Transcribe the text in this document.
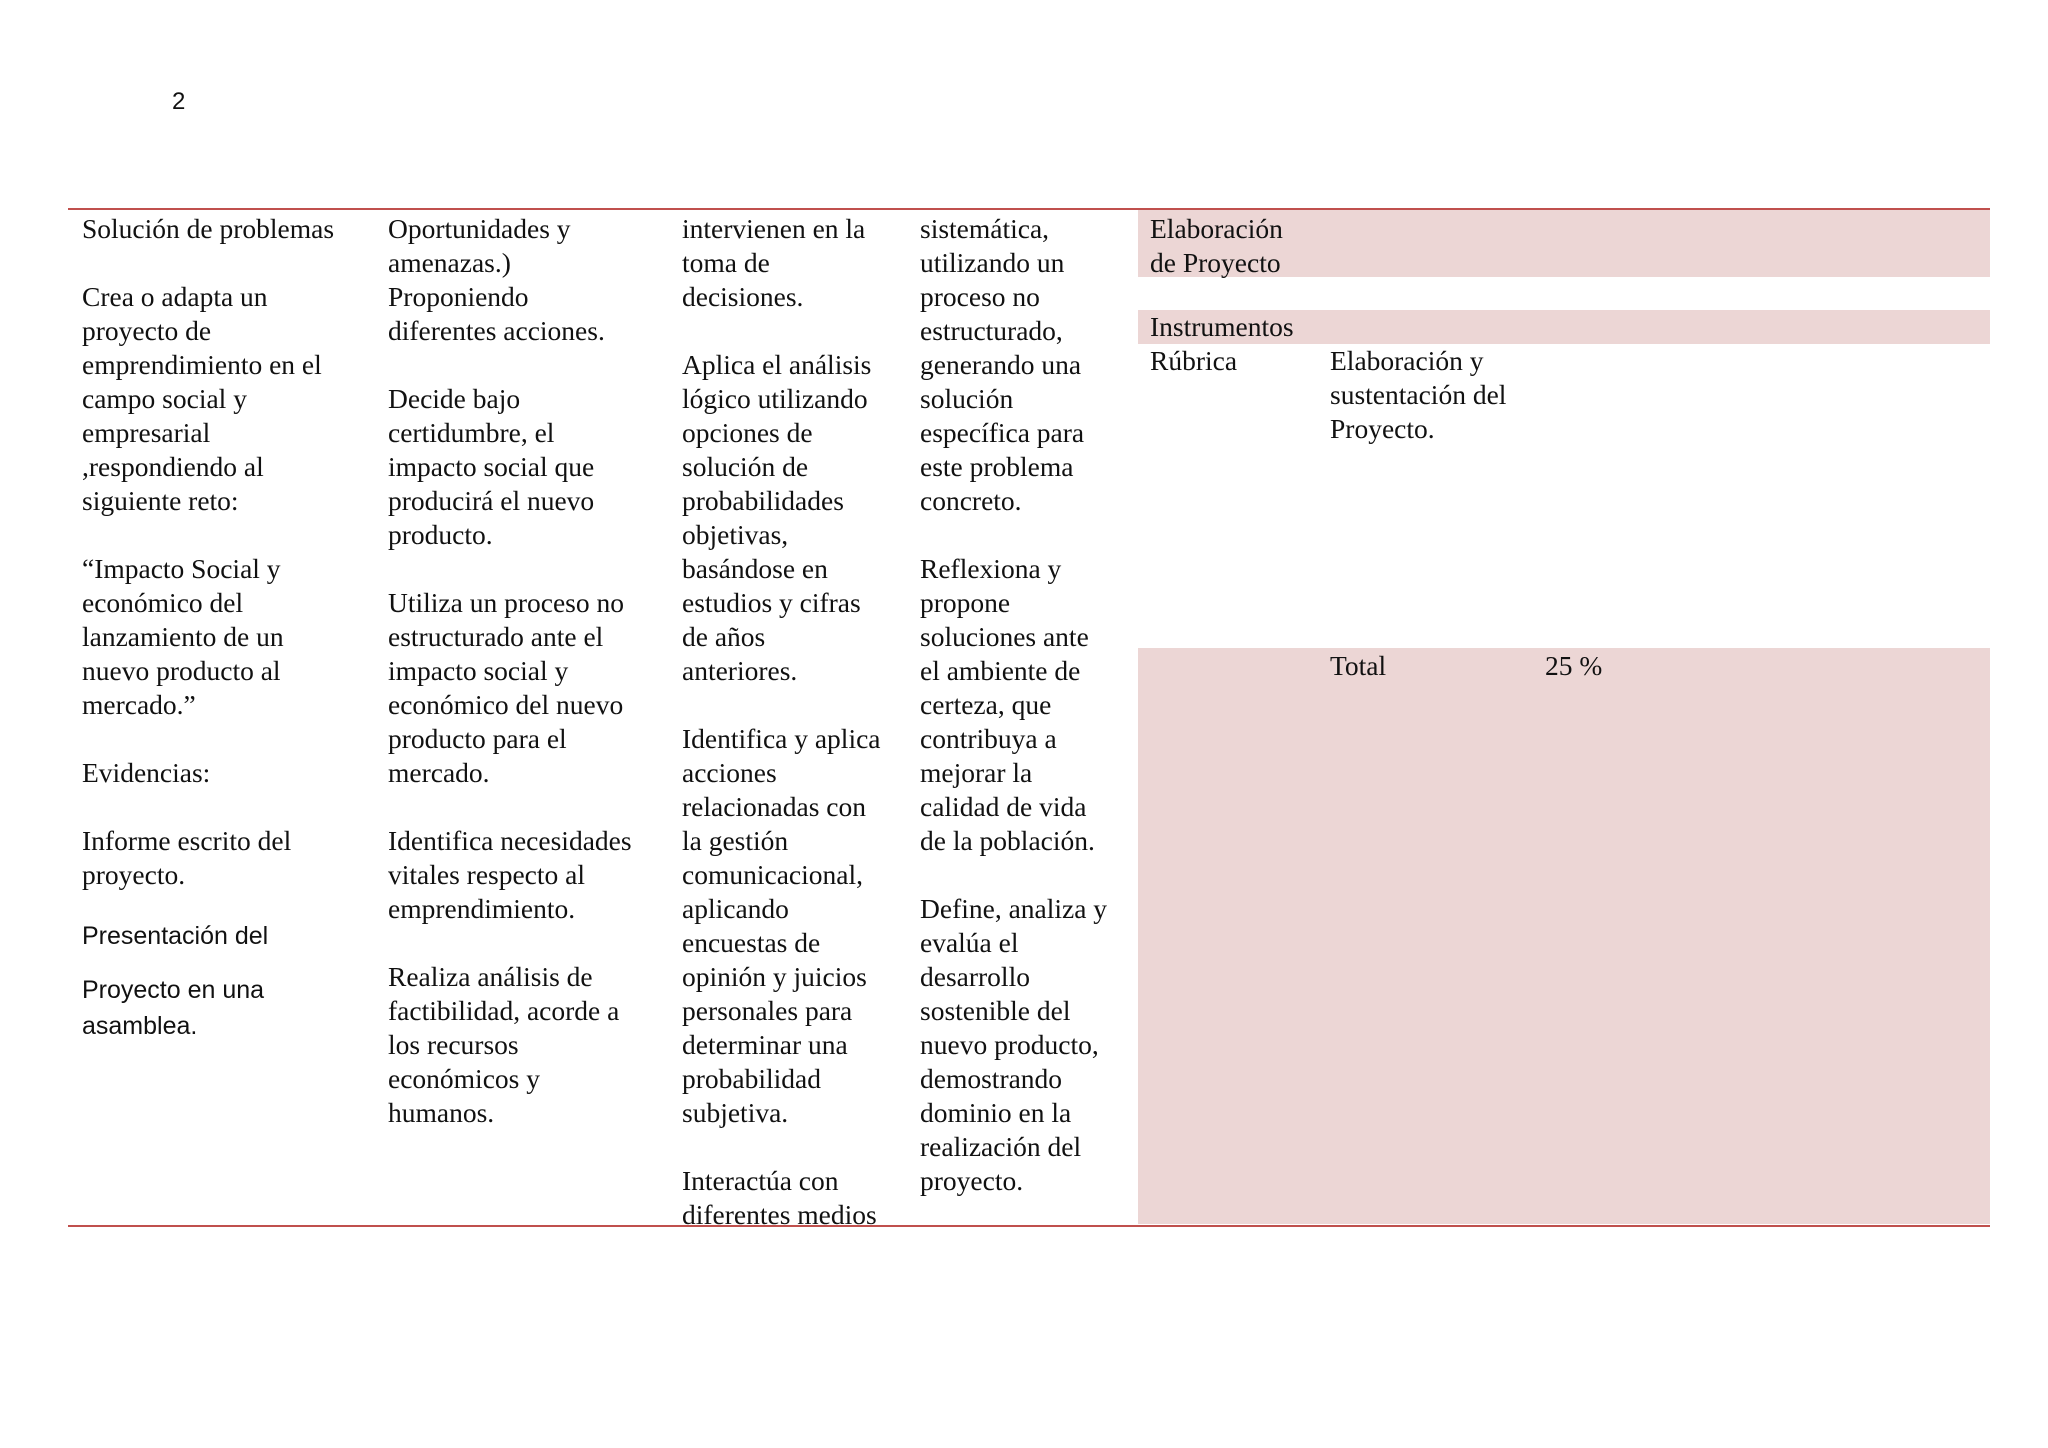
2

Solución de problemas

Crea o adapta un
proyecto de
emprendimiento en el
campo social y
empresarial
,respondiendo al
siguiente reto:

“Impacto Social y
económico del
lanzamiento de un
nuevo producto al
mercado.”

Evidencias:

Informe escrito del
proyecto.

Presentación del

Proyecto en una
asamblea.

Oportunidades y
amenazas.)
Proponiendo
diferentes acciones.

Decide bajo
certidumbre, el
impacto social que
producirá el nuevo
producto.

Utiliza un proceso no
estructurado ante el
impacto social y
económico del nuevo
producto para el
mercado.

Identifica necesidades
vitales respecto al
emprendimiento.

Realiza análisis de
factibilidad, acorde a
los recursos
económicos y
humanos.

intervienen en la
toma de
decisiones.

Aplica el análisis
lógico utilizando
opciones de
solución de
probabilidades
objetivas,
basándose en
estudios y cifras
de años
anteriores.

Identifica y aplica
acciones
relacionadas con
la gestión
comunicacional,
aplicando
encuestas de
opinión y juicios
personales para
determinar una
probabilidad
subjetiva.

Interactúa con
diferentes medios

sistemática,
utilizando un
proceso no
estructurado,
generando una
solución
específica para
este problema
concreto.

Reflexiona y
propone
soluciones ante
el ambiente de
certeza, que
contribuya a
mejorar la
calidad de vida
de la población.

Define, analiza y
evalúa el
desarrollo
sostenible del
nuevo producto,
demostrando
dominio en la
realización del
proyecto.

Elaboración
de Proyecto
Instrumentos
Rúbrica	Elaboración y
sustentación del
Proyecto.
Total	25 %
